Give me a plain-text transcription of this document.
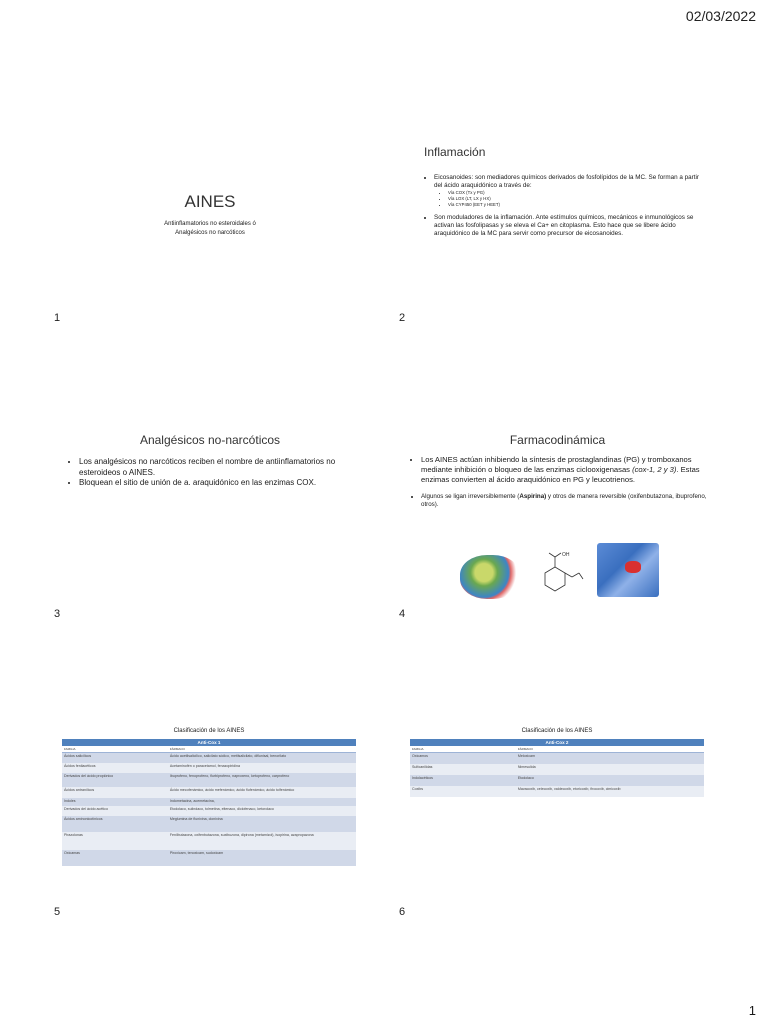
02/03/2022
AINES
Antiinflamatorios no esteroidales ó
Analgésicos no narcóticos
1
Inflamación
• Eicosanoides: son mediadores químicos derivados de fosfolípidos de la MC. Se forman a partir del ácido araquidónico a través de:
• Vía COX (Tx y PG)
• Vía LOX (LT, LX y HX)
• Vía CYP450 (EET y HEET)
• Son moduladores de la inflamación. Ante estímulos químicos, mecánicos e inmunológicos se activan las fosfolipasas y se eleva el Ca+ en citoplasma. Esto hace que se libere ácido araquidónico de la MC para servir como precursor de eicosanoides.
2
Analgésicos no-narcóticos
• Los analgésicos no narcóticos reciben el nombre de antiinflamatorios no esteroideos o AINES.
• Bloquean el sitio de unión de a. araquidónico en las enzimas COX.
3
Farmacodinámica
• Los AINES actúan inhibiendo la síntesis de prostaglandinas (PG) y tromboxanos mediante inhibición o bloqueo de las enzimas ciclooxigenasas (cox-1, 2 y 3). Estas enzimas convierten al ácido araquidónico en PG y leucotrienos.
• Algunos se ligan irreversiblemente (Aspirina) y otros de manera reversible (oxifenbutazona, ibuprofeno, otros).
OH
4
Clasificación de los AINES
Anti-Cox 1	
FAMILIA	FÁRMACO
Ácidos salicílicos	Ácido acetilsalicílico, salicilato sódico, metilsalicilato, diflunisal, benorilato
Ácidos fenilacéticos	Acetaminofén o paracetamol, fenazopiridina
Derivados del ácido propiónico	Ibuprofeno, fenoprofeno, flurbiprofeno, naproxeno, ketoprofeno, carprofeno
Ácidos antranílicos	Ácido mecofenámico, ácido mefenámico, ácido flufenámico, ácido tolfenámico
Indoles	Indometacina, acemetacina,
Derivados del ácido acético	Etodolaco, sulindaco, tolmetina, eltenaco, diclofenaco, ketorolaco
Ácidos aminonicotínicos	Meglumina de flunixina, clonixina
Pirazolonas	Fenilbutazona, oxifenbutazona, suxibuzona, dipirona (metamizol), isopirina, azapropazona
Oxicamas	Piroxicam, tenoxicam, sudoxicam
5
Clasificación de los AINES
Anti-Cox 2	
FAMILIA	FÁRMACO
Oxicamos	Meloxicam
Sulfoanilidas	Nimesulida
Indolacéticos	Etodolaco
Coxibs	Mavacoxib, celecoxib, valdecoxib, etoricoxib, firocoxib, cimicoxib
6
1
